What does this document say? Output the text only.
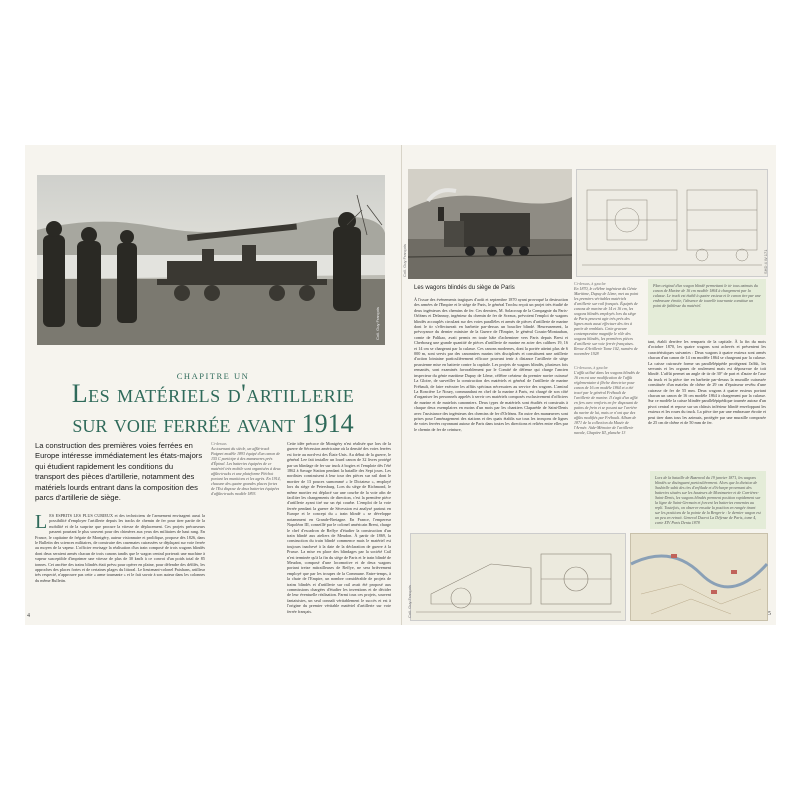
Coll. Guy François
CHAPITRE UN
Les matériels d'artillerie
sur voie ferrée avant 1914
La construction des premières voies ferrées en Europe intéresse immédiatement les états-majors qui étudient rapidement les conditions du transport des pièces d'artillerie, notamment des matériels lourds entrant dans la composition des parcs d'artillerie de siège.
Ci-dessus
Au tournant du siècle, un affût-truck Paignet modèle 1893 équipé d'un canon de 155 C participe à des manœuvres près d'Épinal. Les batteries équipées de ce matériel très mobile sont organisées à deux affûts-trucks et une plateforme Piéchot portant les munitions et les agrès. En 1914, chacune des quatre grandes places fortes de l'Est dispose de deux batteries équipées d'affûts-trucks modèle 1893.
LES ESPRITS LES PLUS CURIEUX et des techniciens de l'armement envisagent aussi la possibilité d'employer l'artillerie depuis les tracks de chemin de fer pour tirer partie de la mobilité et de la surprise que procure la vitesse de déplacement. Ces projets précurseurs passent pourtant le plus souvent pour des chimères aux yeux des militaires de haut rang. En France, le capitaine de frégate de Montgéry, auteur visionnaire et prolifique, propose dès 1826, dans le Bulletin des sciences militaires, de construire des casemates cuirassées se déplaçant sur voie ferrée au moyen de la vapeur. L'officier envisage la réalisation d'un train composé de trois wagons blindés dont deux seraient armés chacun de trois canons tandis que le wagon central porterait une machine à vapeur susceptible d'imprimer une vitesse de plus de 30 km/h à ce convoi d'un poids total de 85 tonnes. Cet ancêtre des trains blindés était prévu pour opérer en plaine, pour défendre des défilés, les approches des places fortes et de certaines plages du littoral. Le lieutenant-colonel Paixhans, artilleur très respecté, n'approuve pas cette « arme tournante » et le fait savoir à son auteur dans les colonnes du même Bulletin.
Cette idée précoce de Montgéry n'est réalisée que lors de la guerre de Sécession américaine où la densité des voies ferrées est forte au nord-est des États-Unis. Au début de la guerre, le général Lee fait installer un lourd canon de 32 livres protégé par un blindage de fer sur truck à bogies et l'emploie dès l'été 1862 à Savage Station pendant la bataille des Sept jours. Les nordistes construisent à leur tour des pièces sur rail dont le mortier de 13 pouces surnommé « le Dictateur », employé lors du siège de Petersburg. Lors du siège de Richmond, le même mortier est déplacé sur une courbe de la voie afin de faciliter les changements de direction, c'est la première pièce d'artillerie ayant tiré sur un épi courbe. L'emploi de la voie ferrée pendant la guerre de Sécession est analysé partout en Europe et le concept du « train blindé » se développe notamment en Grande-Bretagne. En France, l'empereur Napoléon III, conseillé par le colonel américain Brent, charge le chef d'escadron de Reffye d'étudier la construction d'un train blindé aux ateliers de Meudon. À partir de 1869, la construction du train blindé commence mais le matériel est toujours inachevé à la date de la déclaration de guerre à la Prusse. La mise en place des blindages par la société Cail n'est terminée qu'à la fin du siège de Paris et le train blindé de Meudon, composé d'une locomotive et de deux wagons portant treize mitrailleuses de Reffye, ne sera brièvement employé que par les troupes de la Commune. Entre-temps, à la chute de l'Empire, un nombre considérable de projets de trains blindés et d'artillerie sur rail avait été proposé aux commissions chargées d'étudier les inventions et de décider de leur éventuelle réalisation. Parmi tous ces projets, souvent fantaisistes, un seul connaît véritablement le succès et est à l'origine du premier véritable matériel d'artillerie sur voie ferrée français.
4
Coll. Guy François	SHD 4 W 171
Les wagons blindés du siège de Paris
Ci-dessus, à gauche
En 1870, le célèbre ingénieur du Génie Maritime, Dupuy de Lôme, met au point les premiers véritables matériels d'artillerie sur rail français. Équipés de canons de marine de 14 et 16 cm, les wagons blindés employés lors du siège de Paris peuvent agir très près des lignes mais aussi effectuer des tirs à partir de remblais. Cette gravure contemporaine magnifie le rôle des wagons blindés, les premières pièces d'artillerie sur voie ferrée françaises. Revue d'Artillerie Tome 102, numéro de novembre 1928
Plan original d'un wagon blindé permettant le tir tous azimuts du canon de Marine de 16 cm modèle 1864 à chargement par la culasse. Le truck est établi à quatre essieux et le canon tire par une embrasure étroite, l'absence de tourelle tournante constitue un point de faiblesse du matériel.
À l'issue des événements tragiques d'août et septembre 1870 ayant provoqué la destruction des armées de l'Empire et le siège de Paris, le général Trochu reçoit un projet très étudié de deux ingénieurs des chemins de fer. Ces derniers, M. Solacroup de la Compagnie du Paris-Orléans et Delannoy, ingénieur du chemin de fer de Sceaux, prévoient l'emploi de wagons blindés accouplés circulant sur des voies parallèles et armés de pièces d'artillerie de marine dont le tir s'effectuerait en barbette par-dessus un bouclier blindé. Heureusement, la prévoyance du dernier ministre de la Guerre de l'Empire, le général Cousin-Montauban, comte de Palikao, avait permis en toute hâte d'acheminer vers Paris depuis Brest et Cherbourg une grande quantité de pièces d'artillerie de marine en acier des calibres 19, 16 et 14 cm se chargeant par la culasse. Ces canons modernes, dont la portée atteint plus de 6 000 m, sont servis par des canonniers marins très disciplinés et constituent une artillerie d'action lointaine particulièrement efficace pouvant tenir à distance l'artillerie de siège prussienne mise en batterie contre la capitale. Les projets de wagons blindés, plusieurs fois remaniés, sont examinés favorablement par le Comité de défense qui charge l'ancien inspecteur du génie maritime Dupuy de Lôme, célèbre créateur du premier navire cuirassé La Gloire, de surveiller la construction des matériels et général de l'artillerie de marine Frébault, de faire exécuter les affûts spéciaux nécessaires au service des wagons. L'amiral La Roncière Le Noury, commandant en chef de la marine à Paris, est chargé de son côté d'organiser les personnels appelés à servir ces matériels composés exclusivement d'officiers de marine et de matelots canonniers. Deux types de matériels sont étudiés et construits à chaque deux exemplaires en moins d'un mois par les chantiers Claparède de Saint-Denis avec l'assistance des ingénieurs des chemins de fer d'Orléans. En outre des manœuvres sont prises pour l'aménagement des stations et des quais établis sur tous les tronçons de lignes de voies ferrées rayonnant autour de Paris dans toutes les directions et reliées entre elles par le chemin de fer de ceinture,
Ci-dessous, à gauche
L'affût utilisé dans les wagons blindés de 16 cm est une modification de l'affût réglementaire à flèche directrice pour canon de 16 cm modèle 1864 et a été tracé par le général Frébault de l'artillerie de marine. Il s'agit d'un affût en fers avec renforts en fer disposant de patins de frein et se posant sur l'arrière du navire de lui, mais ce n'ont que des affûts modifiés par Frébault. Album de 1871 de la collection du Musée de l'Armée. Aide-Mémoire de l'artillerie navale, Chapitre III, planche 13
tant, établi derrière les remparts de la capitale. À la fin du mois d'octobre 1870, les quatre wagons sont achevés et présentent les caractéristiques suivantes : Deux wagons à quatre essieux sont armés chacun d'un canon de 14 cm modèle 1864 se chargeant par la culasse. La caisse cuirassée forme un parallélépipède protégeant l'affût, les servants et les organes de roulement mais est dépourvue de toit blindé. L'affût permet un angle de tir de 30° de part et d'autre de l'axe du truck et la pièce tire en barbette par-dessus la muraille cuirassée constituée d'un matelas de chêne de 29 cm d'épaisseur revêtu d'une cuirasse de fer de 55 mm. Deux wagons à quatre essieux portant chacun un canon de 16 cm modèle 1864 à chargement par la culasse. Sur ce modèle la caisse blindée parallélépipédique tournée autour d'un pivot central et repose sur un châssis inférieur blindé enveloppant les essieux et les roues du truck. La pièce tire par une embrasure étroite et peut tirer dans tous les azimuts, protégée par une muraille composée de 25 cm de chêne et de 50 mm de fer.
Lors de la bataille de Buzenval du 19 janvier 1871, les wagons blindés se distinguent particulièrement. Alors que la division de Susbielle subit des tirs d'enfilade et d'écharpe provenant des batteries situées sur les hauteurs de Montmartre et de Carrières-Saint-Denis, les wagons blindés prennent position rapidement sur la ligne de Saint-Germain et forcent les batteries ennemies au repli. Toutefois, on observe ensuite la position en rangée tirant sur les positions de la pointe de la Bergerie : le dernier wagon est un peu en retrait. General Ducrot La Défense de Paris, tome 4, carte XIV Paris Dentu 1878
Coll. Guy François	5
